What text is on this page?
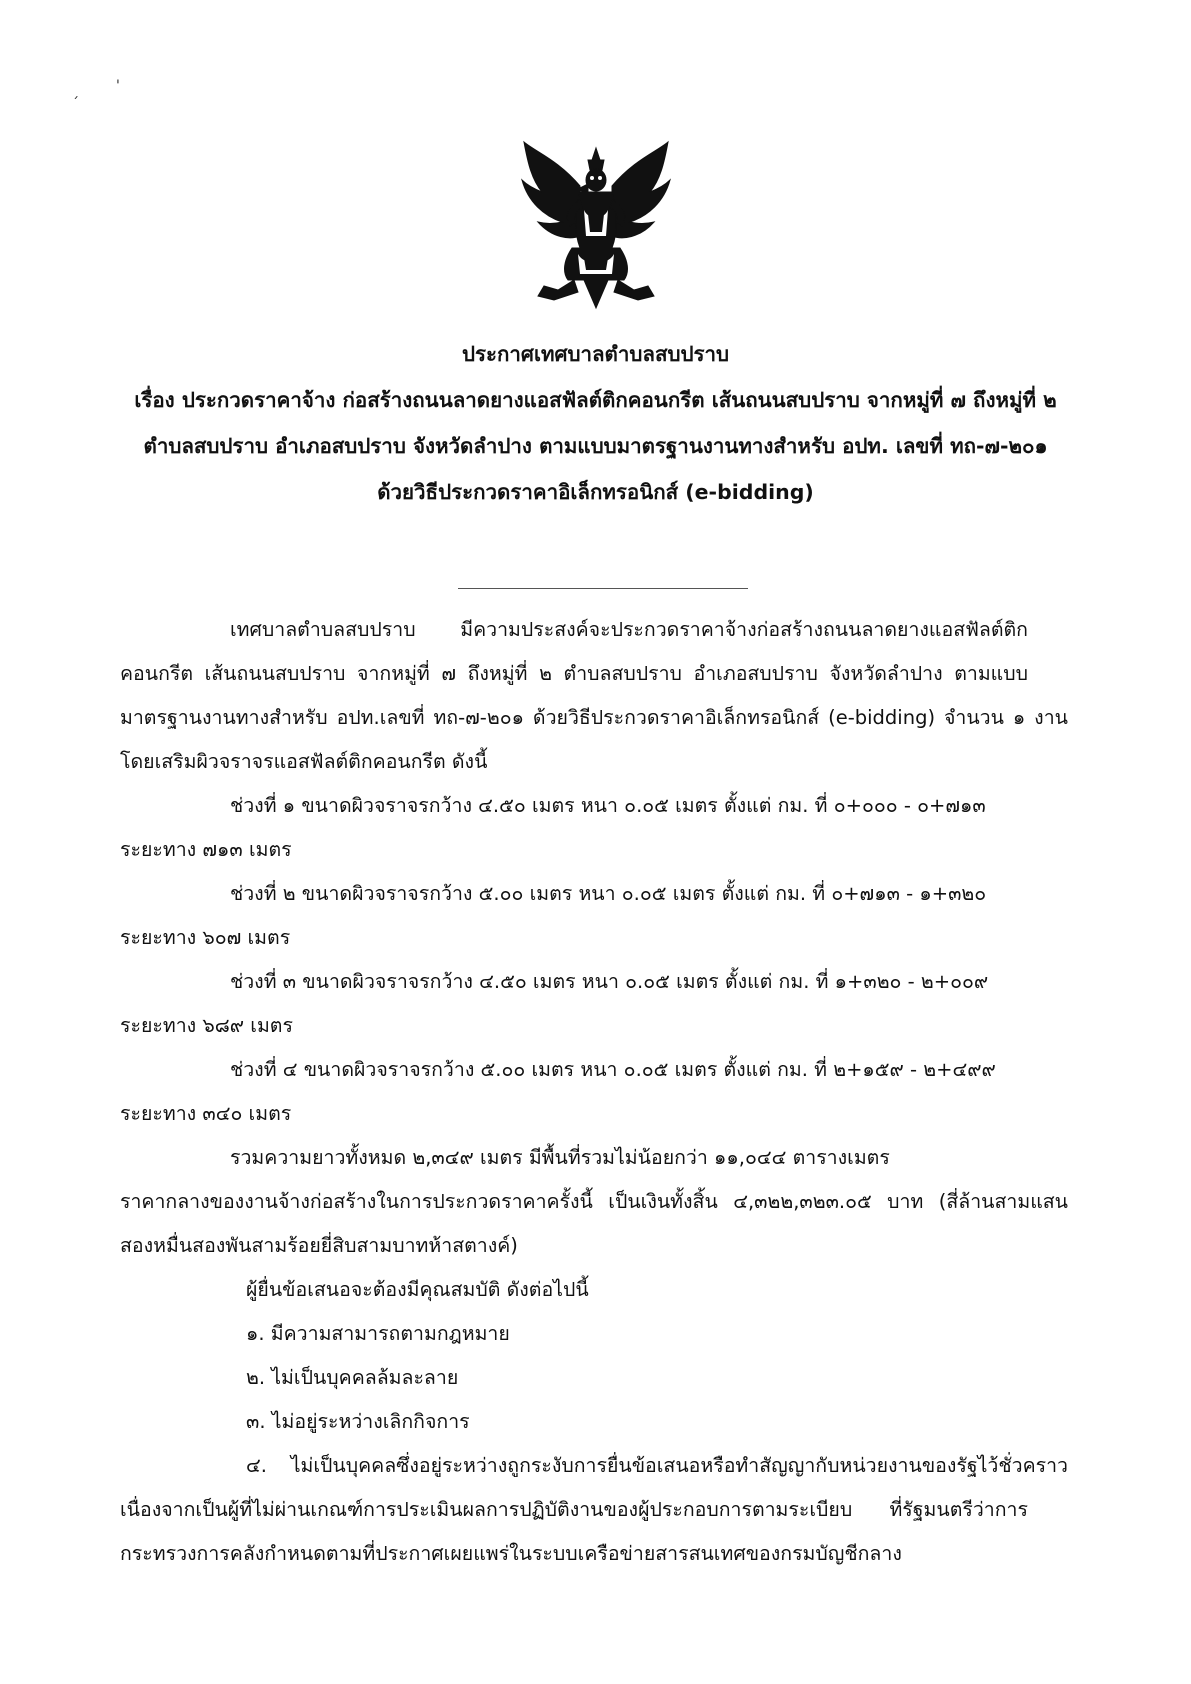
'
´
ประกาศเทศบาลตำบลสบปราบ
เรื่อง ประกวดราคาจ้าง ก่อสร้างถนนลาดยางแอสฟัลต์ติกคอนกรีต เส้นถนนสบปราบ จากหมู่ที่ ๗ ถึงหมู่ที่ ๒
ตำบลสบปราบ อำเภอสบปราบ จังหวัดลำปาง ตามแบบมาตรฐานงานทางสำหรับ อปท. เลขที่ ทถ-๗-๒๐๑
ด้วยวิธีประกวดราคาอิเล็กทรอนิกส์ (e-bidding)
เทศบาลตำบลสบปราบ มีความประสงค์จะประกวดราคาจ้างก่อสร้างถนนลาดยางแอสฟัลต์ติก
คอนกรีต เส้นถนนสบปราบ จากหมู่ที่ ๗ ถึงหมู่ที่ ๒ ตำบลสบปราบ อำเภอสบปราบ จังหวัดลำปาง ตามแบบ
มาตรฐานงานทางสำหรับ อปท.เลขที่ ทถ-๗-๒๐๑ ด้วยวิธีประกวดราคาอิเล็กทรอนิกส์ (e-bidding) จำนวน ๑ งาน
โดยเสริมผิวจราจรแอสฟัลต์ติกคอนกรีต ดังนี้
ช่วงที่ ๑ ขนาดผิวจราจรกว้าง ๔.๕๐ เมตร หนา ๐.๐๕ เมตร ตั้งแต่ กม. ที่ ๐+๐๐๐ - ๐+๗๑๓
ระยะทาง ๗๑๓ เมตร
ช่วงที่ ๒ ขนาดผิวจราจรกว้าง ๕.๐๐ เมตร หนา ๐.๐๕ เมตร ตั้งแต่ กม. ที่ ๐+๗๑๓ - ๑+๓๒๐
ระยะทาง ๖๐๗ เมตร
ช่วงที่ ๓ ขนาดผิวจราจรกว้าง ๔.๕๐ เมตร หนา ๐.๐๕ เมตร ตั้งแต่ กม. ที่ ๑+๓๒๐ - ๒+๐๐๙
ระยะทาง ๖๘๙ เมตร
ช่วงที่ ๔ ขนาดผิวจราจรกว้าง ๕.๐๐ เมตร หนา ๐.๐๕ เมตร ตั้งแต่ กม. ที่ ๒+๑๕๙ - ๒+๔๙๙
ระยะทาง ๓๔๐ เมตร
รวมความยาวทั้งหมด ๒,๓๔๙ เมตร มีพื้นที่รวมไม่น้อยกว่า ๑๑,๐๔๔ ตารางเมตร
ราคากลางของงานจ้างก่อสร้างในการประกวดราคาครั้งนี้ เป็นเงินทั้งสิ้น ๔,๓๒๒,๓๒๓.๐๕ บาท (สี่ล้านสามแสน
สองหมื่นสองพันสามร้อยยี่สิบสามบาทห้าสตางค์)
ผู้ยื่นข้อเสนอจะต้องมีคุณสมบัติ ดังต่อไปนี้
๑. มีความสามารถตามกฎหมาย
๒. ไม่เป็นบุคคลล้มละลาย
๓. ไม่อยู่ระหว่างเลิกกิจการ
๔. ไม่เป็นบุคคลซึ่งอยู่ระหว่างถูกระงับการยื่นข้อเสนอหรือทำสัญญากับหน่วยงานของรัฐไว้ชั่วคราว
เนื่องจากเป็นผู้ที่ไม่ผ่านเกณฑ์การประเมินผลการปฏิบัติงานของผู้ประกอบการตามระเบียบ ที่รัฐมนตรีว่าการ
กระทรวงการคลังกำหนดตามที่ประกาศเผยแพร่ในระบบเครือข่ายสารสนเทศของกรมบัญชีกลาง
